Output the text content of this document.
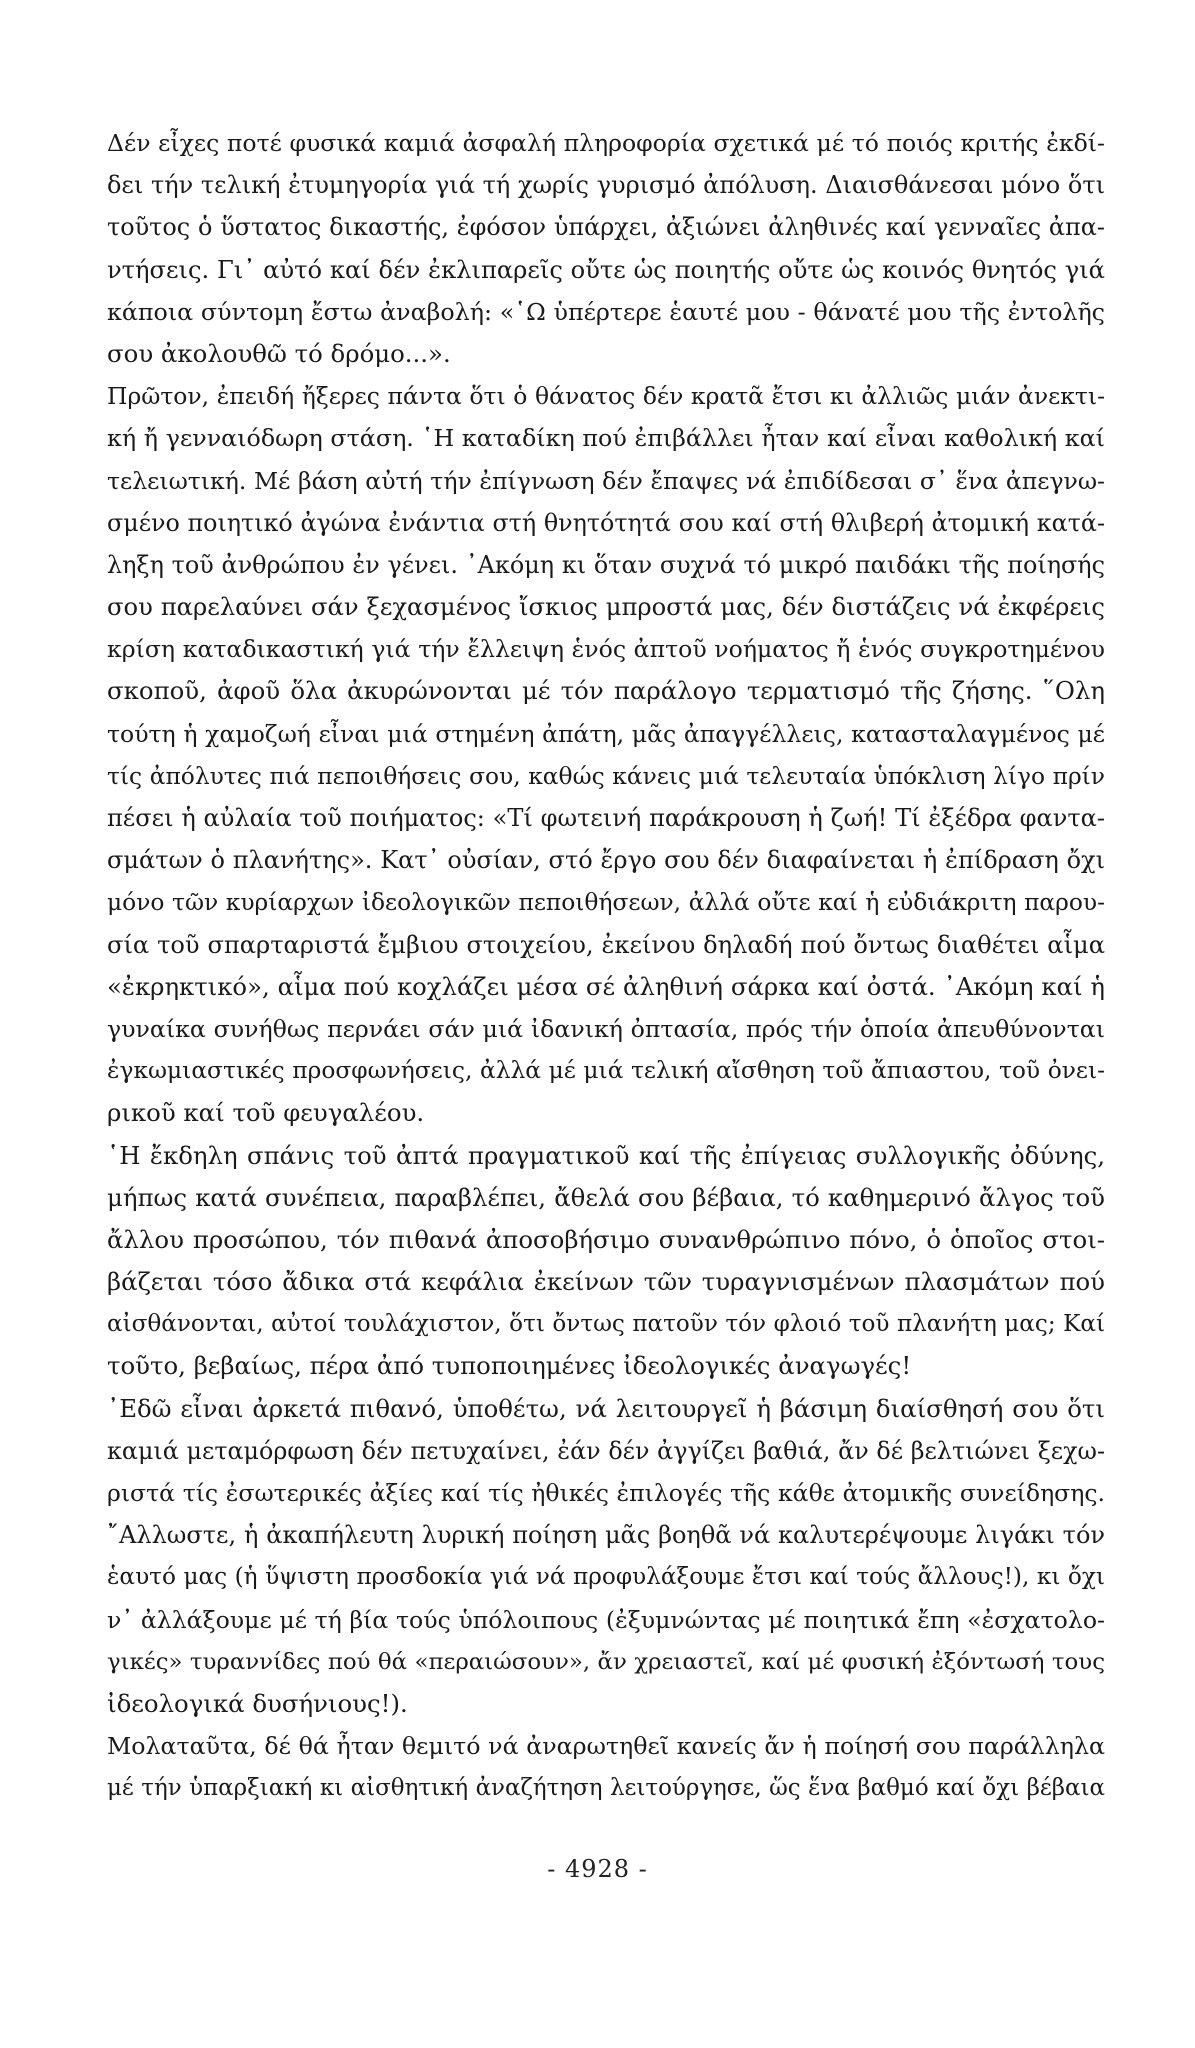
Δέν εἶχες ποτέ φυσικά καμιά ἀσφαλή πληροφορία σχετικά μέ τό ποιός κριτής ἐκδί-
δει τήν τελική ἐτυμηγορία γιά τή χωρίς γυρισμό ἀπόλυση. Διαισθάνεσαι μόνο ὅτι
τοῦτος ὁ ὕστατος δικαστής, ἐφόσον ὑπάρχει, ἀξιώνει ἀληθινές καί γενναῖες ἀπα-
ντήσεις. Γι᾽ αὐτό καί δέν ἐκλιπαρεῖς οὔτε ὡς ποιητής οὔτε ὡς κοινός θνητός γιά
κάποια σύντομη ἔστω ἀναβολή: «῾Ω ὑπέρτερε ἑαυτέ μου - θάνατέ μου τῆς ἐντολῆς
σου ἀκολουθῶ τό δρόμο...».
Πρῶτον, ἐπειδή ἤξερες πάντα ὅτι ὁ θάνατος δέν κρατᾶ ἔτσι κι ἀλλιῶς μιάν ἀνεκτι-
κή ἤ γενναιόδωρη στάση. ῾Η καταδίκη πού ἐπιβάλλει ἦταν καί εἶναι καθολική καί
τελειωτική. Μέ βάση αὐτή τήν ἐπίγνωση δέν ἔπαψες νά ἐπιδίδεσαι σ᾽ ἕνα ἀπεγνω-
σμένο ποιητικό ἀγώνα ἐνάντια στή θνητότητά σου καί στή θλιβερή ἀτομική κατά-
ληξη τοῦ ἀνθρώπου ἐν γένει. ᾽Ακόμη κι ὅταν συχνά τό μικρό παιδάκι τῆς ποίησής
σου παρελαύνει σάν ξεχασμένος ἴσκιος μπροστά μας, δέν διστάζεις νά ἐκφέρεις
κρίση καταδικαστική γιά τήν ἔλλειψη ἑνός ἀπτοῦ νοήματος ἤ ἑνός συγκροτημένου
σκοποῦ, ἀφοῦ ὅλα ἀκυρώνονται μέ τόν παράλογο τερματισμό τῆς ζήσης. ῞Ολη
τούτη ἡ χαμοζωή εἶναι μιά στημένη ἀπάτη, μᾶς ἀπαγγέλλεις, κατασταλαγμένος μέ
τίς ἀπόλυτες πιά πεποιθήσεις σου, καθώς κάνεις μιά τελευταία ὑπόκλιση λίγο πρίν
πέσει ἡ αὐλαία τοῦ ποιήματος: «Τί φωτεινή παράκρουση ἡ ζωή! Τί ἐξέδρα φαντα-
σμάτων ὁ πλανήτης». Κατ᾽ οὐσίαν, στό ἔργο σου δέν διαφαίνεται ἡ ἐπίδραση ὄχι
μόνο τῶν κυρίαρχων ἰδεολογικῶν πεποιθήσεων, ἀλλά οὔτε καί ἡ εὐδιάκριτη παρου-
σία τοῦ σπαρταριστά ἔμβιου στοιχείου, ἐκείνου δηλαδή πού ὄντως διαθέτει αἷμα
«ἐκρηκτικό», αἷμα πού κοχλάζει μέσα σέ ἀληθινή σάρκα καί ὀστά. ᾽Ακόμη καί ἡ
γυναίκα συνήθως περνάει σάν μιά ἰδανική ὀπτασία, πρός τήν ὁποία ἀπευθύνονται
ἐγκωμιαστικές προσφωνήσεις, ἀλλά μέ μιά τελική αἴσθηση τοῦ ἄπιαστου, τοῦ ὀνει-
ρικοῦ καί τοῦ φευγαλέου.
῾Η ἔκδηλη σπάνις τοῦ ἀπτά πραγματικοῦ καί τῆς ἐπίγειας συλλογικῆς ὀδύνης,
μήπως κατά συνέπεια, παραβλέπει, ἄθελά σου βέβαια, τό καθημερινό ἄλγος τοῦ
ἄλλου προσώπου, τόν πιθανά ἀποσοβήσιμο συνανθρώπινο πόνο, ὁ ὁποῖος στοι-
βάζεται τόσο ἄδικα στά κεφάλια ἐκείνων τῶν τυραγνισμένων πλασμάτων πού
αἰσθάνονται, αὐτοί τουλάχιστον, ὅτι ὄντως πατοῦν τόν φλοιό τοῦ πλανήτη μας; Καί
τοῦτο, βεβαίως, πέρα ἀπό τυποποιημένες ἰδεολογικές ἀναγωγές!
᾽Εδῶ εἶναι ἀρκετά πιθανό, ὑποθέτω, νά λειτουργεῖ ἡ βάσιμη διαίσθησή σου ὅτι
καμιά μεταμόρφωση δέν πετυχαίνει, ἐάν δέν ἀγγίζει βαθιά, ἄν δέ βελτιώνει ξεχω-
ριστά τίς ἐσωτερικές ἀξίες καί τίς ἠθικές ἐπιλογές τῆς κάθε ἀτομικῆς συνείδησης.
῎Αλλωστε, ἡ ἀκαπήλευτη λυρική ποίηση μᾶς βοηθᾶ νά καλυτερέψουμε λιγάκι τόν
ἑαυτό μας (ἡ ὕψιστη προσδοκία γιά νά προφυλάξουμε ἔτσι καί τούς ἄλλους!), κι ὄχι
ν᾽ ἀλλάξουμε μέ τή βία τούς ὑπόλοιπους (ἐξυμνώντας μέ ποιητικά ἔπη «ἐσχατολο-
γικές» τυραννίδες πού θά «περαιώσουν», ἄν χρειαστεῖ, καί μέ φυσική ἐξόντωσή τους
ἰδεολογικά δυσήνιους!).
Μολαταῦτα, δέ θά ἦταν θεμιτό νά ἀναρωτηθεῖ κανείς ἄν ἡ ποίησή σου παράλληλα
μέ τήν ὑπαρξιακή κι αἰσθητική ἀναζήτηση λειτούργησε, ὥς ἕνα βαθμό καί ὄχι βέβαια
- 4928 -
